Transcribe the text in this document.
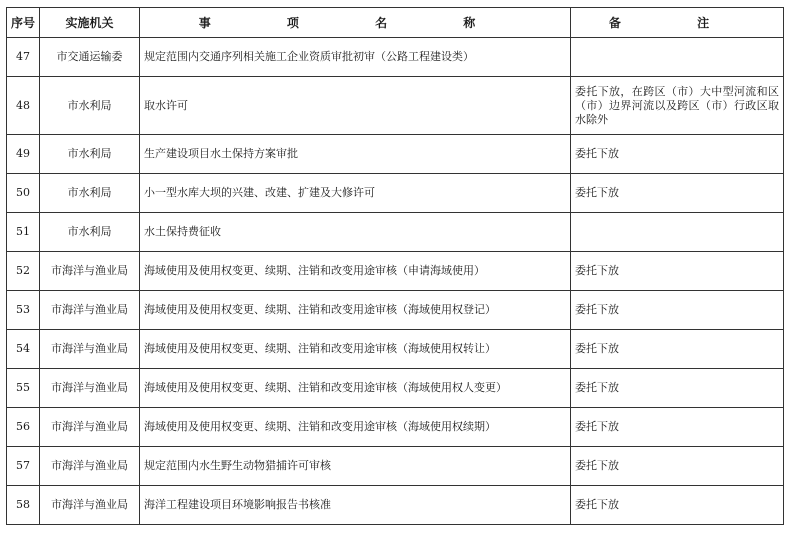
序号	实施机关	事 项 名 称	备 注
47	市交通运输委	规定范围内交通序列相关施工企业资质审批初审（公路工程建设类）	
48	市水利局	取水许可	委托下放，在跨区（市）大中型河流和区（市）边界河流以及跨区（市）行政区取水除外
49	市水利局	生产建设项目水土保持方案审批	委托下放
50	市水利局	小一型水库大坝的兴建、改建、扩建及大修许可	委托下放
51	市水利局	水土保持费征收	
52	市海洋与渔业局	海域使用及使用权变更、续期、注销和改变用途审核（申请海域使用）	委托下放
53	市海洋与渔业局	海域使用及使用权变更、续期、注销和改变用途审核（海域使用权登记）	委托下放
54	市海洋与渔业局	海域使用及使用权变更、续期、注销和改变用途审核（海域使用权转让）	委托下放
55	市海洋与渔业局	海域使用及使用权变更、续期、注销和改变用途审核（海域使用权人变更）	委托下放
56	市海洋与渔业局	海域使用及使用权变更、续期、注销和改变用途审核（海域使用权续期）	委托下放
57	市海洋与渔业局	规定范围内水生野生动物猎捕许可审核	委托下放
58	市海洋与渔业局	海洋工程建设项目环境影响报告书核准	委托下放
